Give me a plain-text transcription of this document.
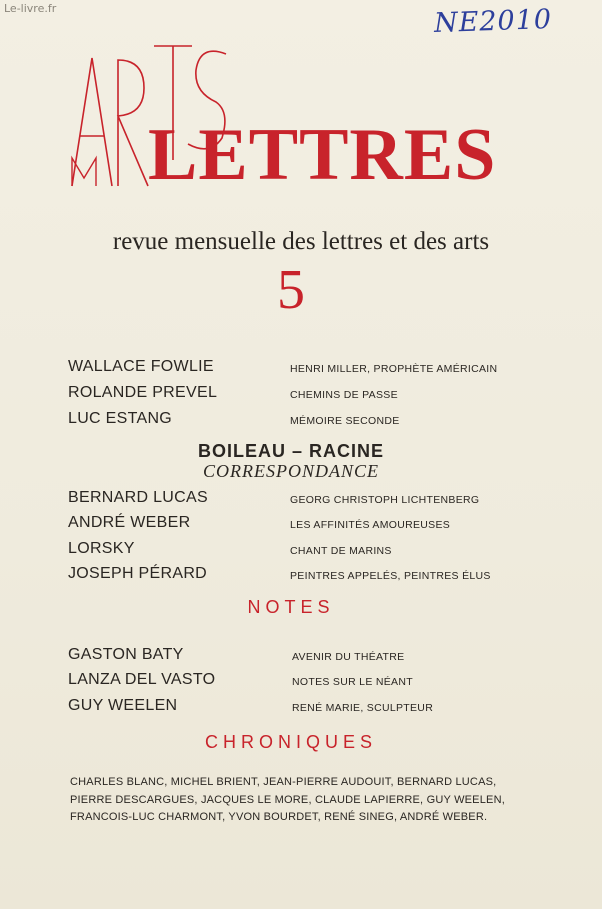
Le-livre.fr	NE2010
LETTRES
revue mensuelle des lettres et des arts
5
WALLACE FOWLIE	HENRI MILLER, PROPHÈTE AMÉRICAIN
ROLANDE PREVEL	CHEMINS DE PASSE
LUC ESTANG	MÉMOIRE SECONDE
BOILEAU – RACINE
CORRESPONDANCE
BERNARD LUCAS	GEORG CHRISTOPH LICHTENBERG
ANDRÉ WEBER	LES AFFINITÉS AMOUREUSES
LORSKY	CHANT DE MARINS
JOSEPH PÉRARD	PEINTRES APPELÉS, PEINTRES ÉLUS
NOTES
GASTON BATY	AVENIR DU THÉATRE
LANZA DEL VASTO	NOTES SUR LE NÉANT
GUY WEELEN	RENÉ MARIE, SCULPTEUR
CHRONIQUES
CHARLES BLANC, MICHEL BRIENT, JEAN-PIERRE AUDOUIT, BERNARD LUCAS,
PIERRE DESCARGUES, JACQUES LE MORE, CLAUDE LAPIERRE, GUY WEELEN,
FRANCOIS-LUC CHARMONT, YVON BOURDET, RENÉ SINEG, ANDRÉ WEBER.
